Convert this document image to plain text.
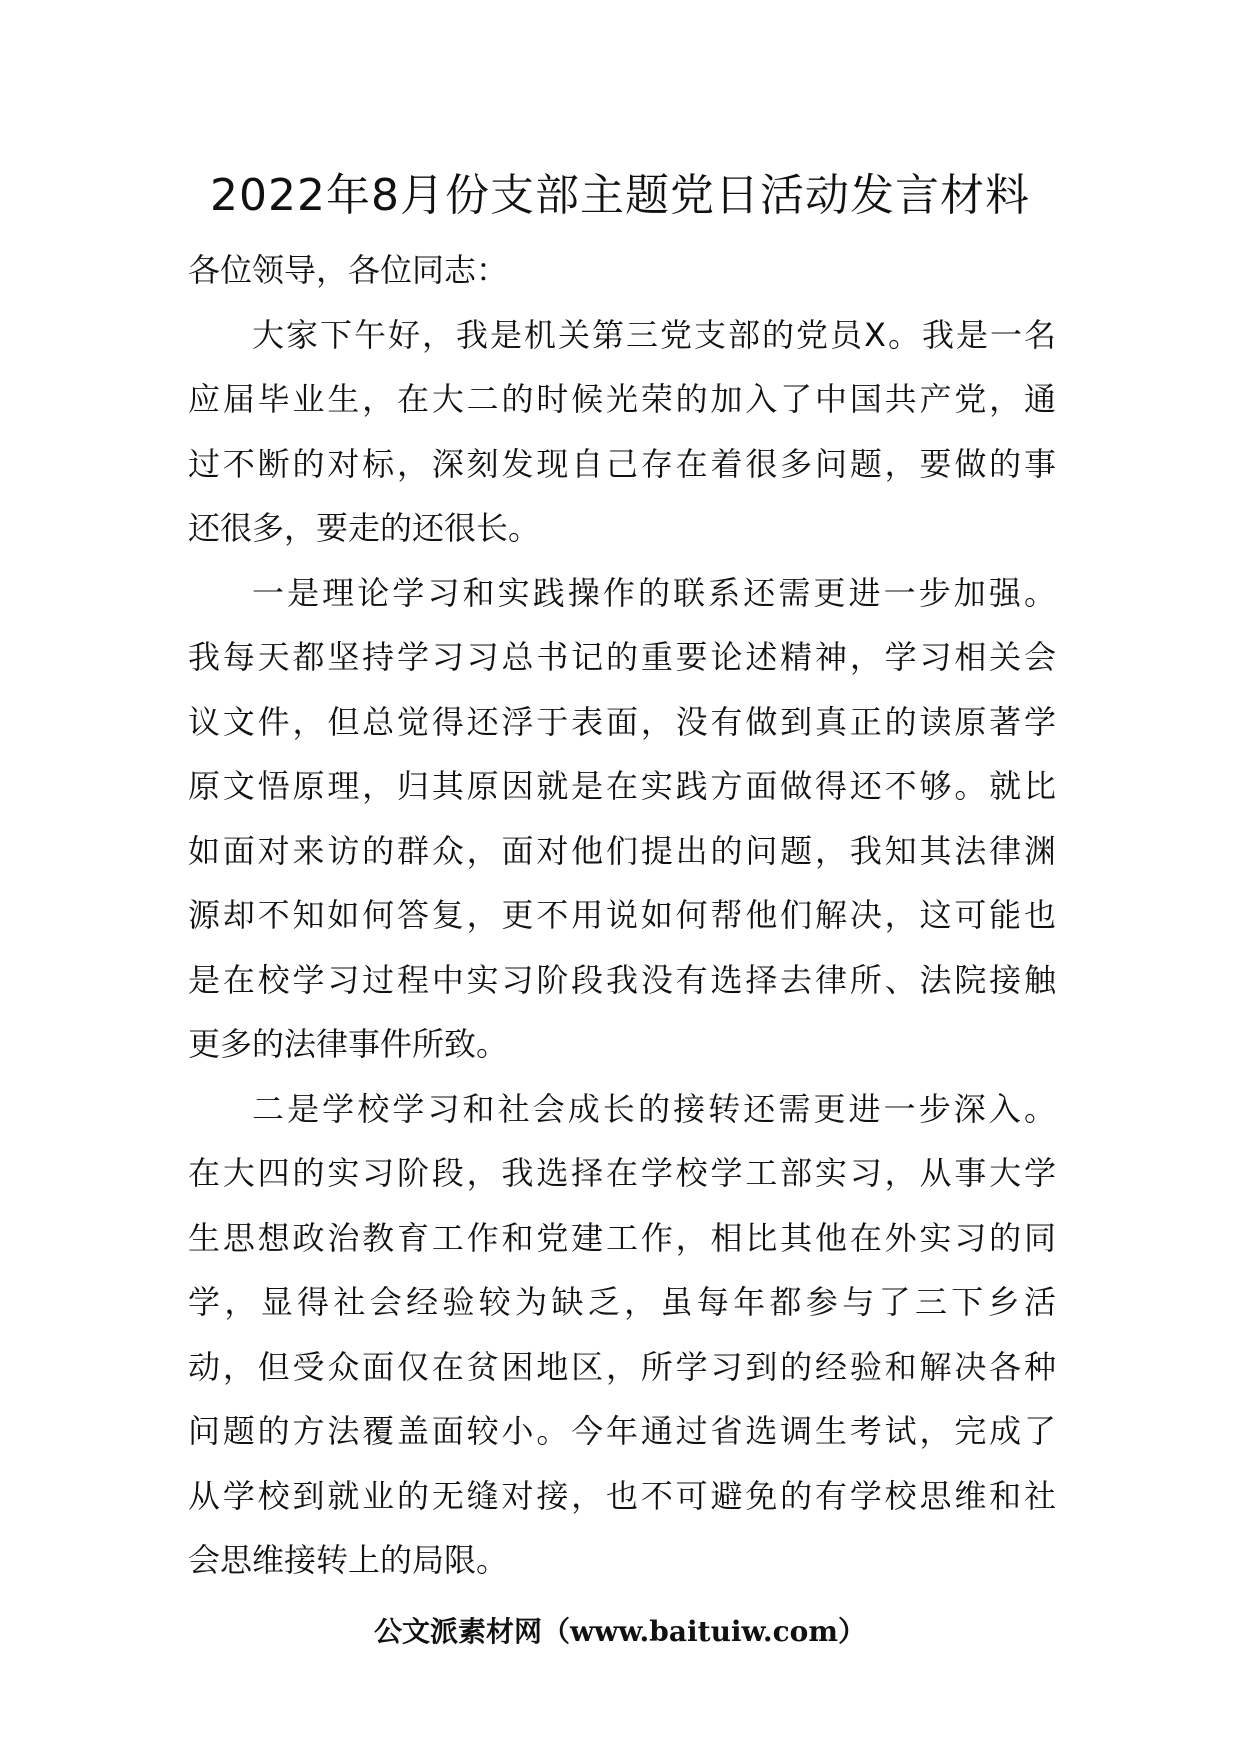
2022年8月份支部主题党日活动发言材料

各位领导，各位同志：

大家下午好，我是机关第三党支部的党员X。我是一名
应届毕业生，在大二的时候光荣的加入了中国共产党，通
过不断的对标，深刻发现自己存在着很多问题，要做的事
还很多，要走的还很长。
一是理论学习和实践操作的联系还需更进一步加强。
我每天都坚持学习习总书记的重要论述精神，学习相关会
议文件，但总觉得还浮于表面，没有做到真正的读原著学
原文悟原理，归其原因就是在实践方面做得还不够。就比
如面对来访的群众，面对他们提出的问题，我知其法律渊
源却不知如何答复，更不用说如何帮他们解决，这可能也
是在校学习过程中实习阶段我没有选择去律所、法院接触
更多的法律事件所致。
二是学校学习和社会成长的接转还需更进一步深入。
在大四的实习阶段，我选择在学校学工部实习，从事大学
生思想政治教育工作和党建工作，相比其他在外实习的同
学，显得社会经验较为缺乏，虽每年都参与了三下乡活
动，但受众面仅在贫困地区，所学习到的经验和解决各种
问题的方法覆盖面较小。今年通过省选调生考试，完成了
从学校到就业的无缝对接，也不可避免的有学校思维和社
会思维接转上的局限。
公文派素材网（www.baituiw.com）
